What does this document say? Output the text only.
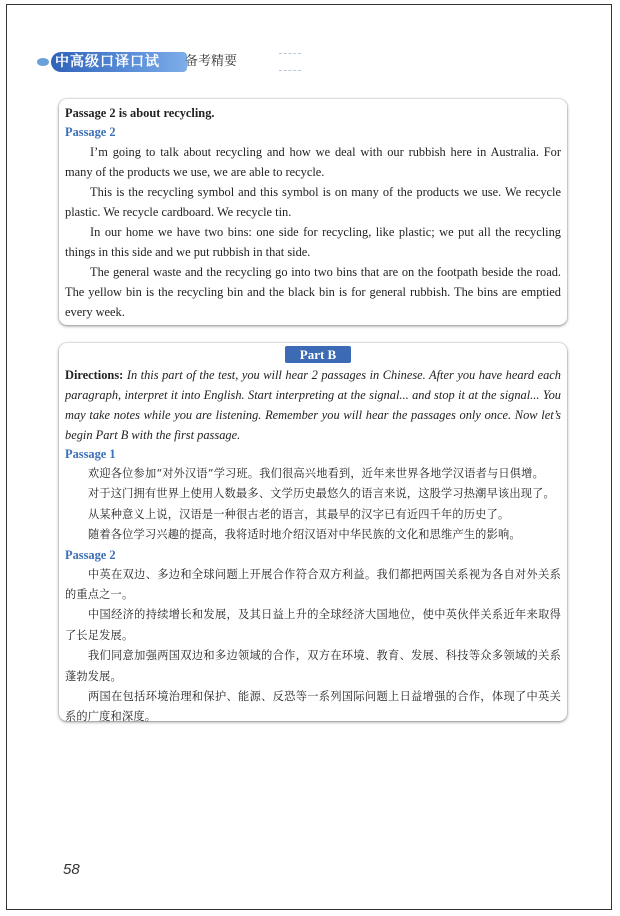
中高级口译口试 备考精要

Passage 2 is about recycling.

Passage 2

I’m going to talk about recycling and how we deal with our rubbish here in Australia. For many of the products we use, we are able to recycle.

This is the recycling symbol and this symbol is on many of the products we use. We recycle plastic. We recycle cardboard. We recycle tin.

In our home we have two bins: one side for recycling, like plastic; we put all the recycling things in this side and we put rubbish in that side.

The general waste and the recycling go into two bins that are on the footpath beside the road. The yellow bin is the recycling bin and the black bin is for general rubbish. The bins are emptied every week.

Part B

Directions: In this part of the test, you will hear 2 passages in Chinese. After you have heard each paragraph, interpret it into English. Start interpreting at the signal... and stop it at the signal... You may take notes while you are listening. Remember you will hear the passages only once. Now let’s begin Part B with the first passage.

Passage 1

欢迎各位参加“对外汉语”学习班。我们很高兴地看到，近年来世界各地学汉语者与日俱增。

对于这门拥有世界上使用人数最多、文学历史最悠久的语言来说，这股学习热潮早该出现了。

从某种意义上说，汉语是一种很古老的语言，其最早的汉字已有近四千年的历史了。

随着各位学习兴趣的提高，我将适时地介绍汉语对中华民族的文化和思维产生的影响。

Passage 2

中英在双边、多边和全球问题上开展合作符合双方利益。我们都把两国关系视为各自对外关系的重点之一。

中国经济的持续增长和发展，及其日益上升的全球经济大国地位，使中英伙伴关系近年来取得了长足发展。

我们同意加强两国双边和多边领域的合作，双方在环境、教育、发展、科技等众多领域的关系蓬勃发展。

两国在包括环境治理和保护、能源、反恐等一系列国际问题上日益增强的合作，体现了中英关系的广度和深度。

58
